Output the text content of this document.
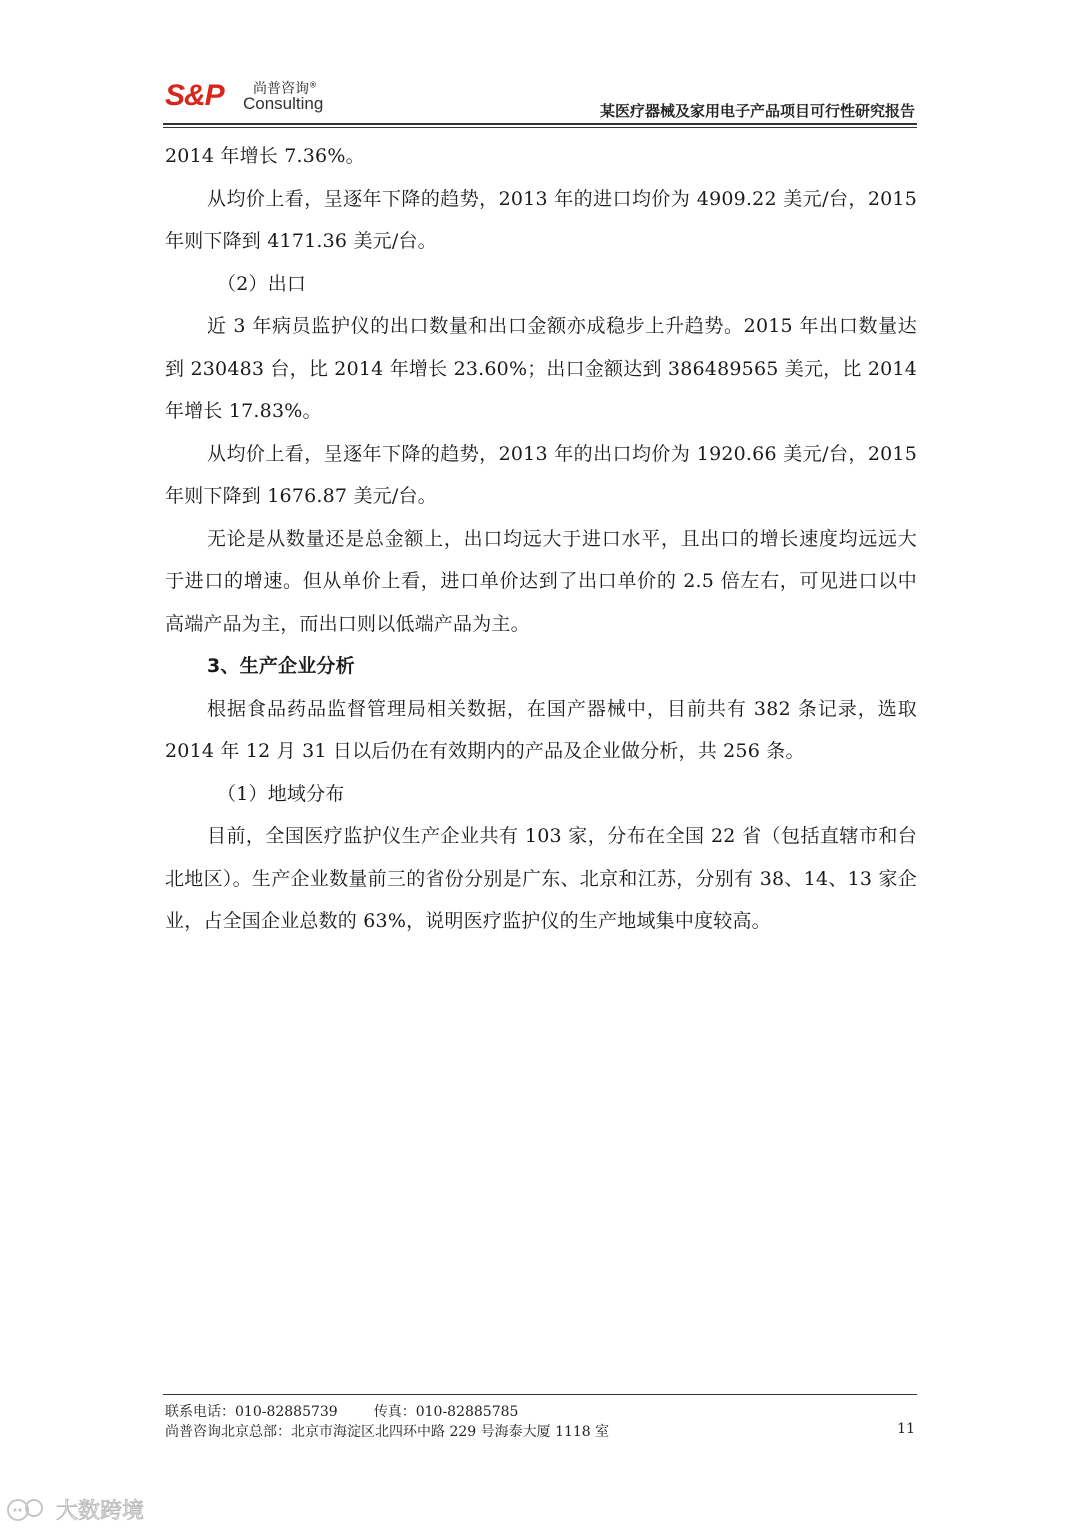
S&P 尚普咨询®
Consulting	某医疗器械及家用电子产品项目可行性研究报告

2014 年增长 7.36%。

从均价上看，呈逐年下降的趋势，2013 年的进口均价为 4909.22 美元/台，2015 年则下降到 4171.36 美元/台。

（2）出口

近 3 年病员监护仪的出口数量和出口金额亦成稳步上升趋势。2015 年出口数量达到 230483 台，比 2014 年增长 23.60%；出口金额达到 386489565 美元，比 2014 年增长 17.83%。

从均价上看，呈逐年下降的趋势，2013 年的出口均价为 1920.66 美元/台，2015 年则下降到 1676.87 美元/台。

无论是从数量还是总金额上，出口均远大于进口水平，且出口的增长速度均远远大于进口的增速。但从单价上看，进口单价达到了出口单价的 2.5 倍左右，可见进口以中高端产品为主，而出口则以低端产品为主。

3、生产企业分析

根据食品药品监督管理局相关数据，在国产器械中，目前共有 382 条记录，选取 2014 年 12 月 31 日以后仍在有效期内的产品及企业做分析，共 256 条。

（1）地域分布

目前，全国医疗监护仪生产企业共有 103 家，分布在全国 22 省（包括直辖市和台北地区）。生产企业数量前三的省份分别是广东、北京和江苏，分别有 38、14、13 家企业，占全国企业总数的 63%，说明医疗监护仪的生产地域集中度较高。

联系电话：010-82885739	传真：010-82885785
尚普咨询北京总部：北京市海淀区北四环中路 229 号海泰大厦 1118 室	11
大数跨境
